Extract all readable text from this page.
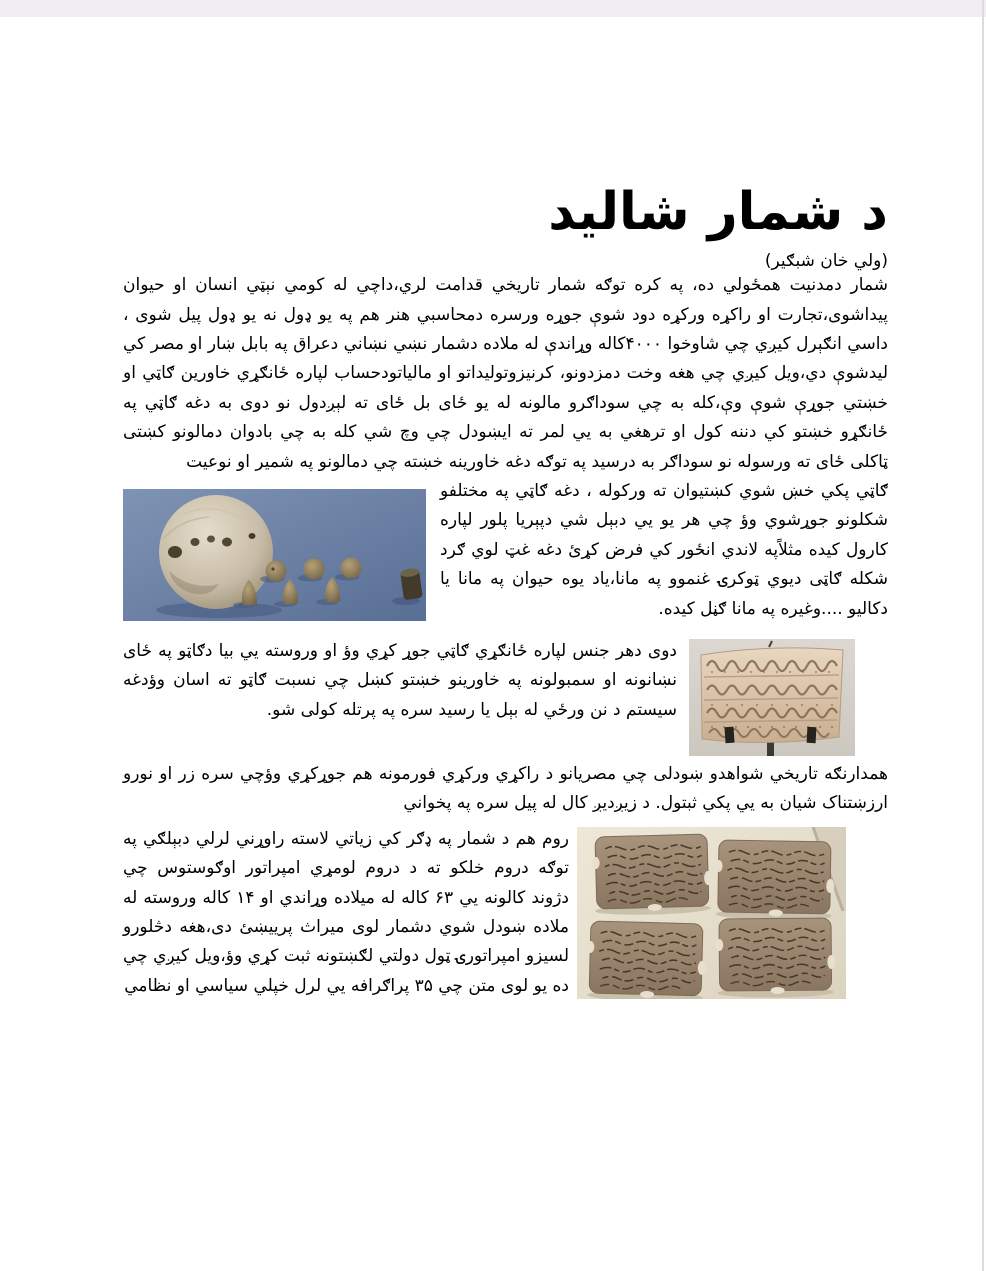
د شمار شالید
(ولي خان شبګير)

شمار دمدنیت همځولي ده، په کره توګه شمار تاریخي قدامت لري،داچي له کومي نېټي انسان او حیوان پیداشوی،تجارت او راکړه ورکړه دود شوې جوړه ورسره دمحاسبي هنر هم په یو ډول نه یو ډول پیل شوی ، داسي انګېرل کیږي چي شاوخوا ۴۰۰۰کاله وړاندې له ملاده دشمار نښي نښاني دعراق په بابل ښار او مصر کي لیدشوې دي،ویل کیږي چي هغه وخت دمزدونو، کرنیزوتولیداتو او مالیاتودحساب لپاره ځانګړي خاورین ګاټي او خښتي جوړې شوې وې،کله به چي سوداګرو مالونه له یو ځای بل ځای ته لېږدول نو دوی به دغه ګاټي په ځانګړو خښتو کي دننه کول او ترهغي به یي لمر ته ایښودل چي وچ شي کله به چي بادوان دمالونو کښتی ټاکلی ځای ته ورسوله نو سوداګر به درسید په توګه دغه خاورینه خښته چي دمالونو په شمیر او نوعیت

ګاټي پکي خښ شوي کښتیوان ته ورکوله ، دغه ګاټي په مختلفو شکلونو جوړشوي وؤ چي هر یو یي دبېل شي دپېریا پلور لپاره کارول کیده مثلاًپه لاندي انځور کي فرض کړئ دغه غټ لوي ګرد شکله ګاټی دیوي ټوکرۍ غنموو په مانا،یاد یوه حیوان په مانا یا دکالیو ....وغیره په مانا ګڼل کیده.

دوی دهر جنس لپاره ځانګړي ګاټي جوړ کړي وؤ او وروسته یي بیا دګاټو په ځای نښانونه او سمبولونه په خاورینو خښتو کښل چي نسبت ګاټو ته اسان وؤدغه سیستم د نن ورځي له بېل یا رسید سره په پرتله کولی شو.

همدارنګه تاریخي شواهدو ښودلی چي مصریانو د راکړي ورکړي فورمونه هم جوړکړي وؤچي سره زر او نورو ارزښتناک شیان به یي پکي ثبتول. د زیږدیږ کال له پیل سره په پخواني

روم هم د شمار په ډګر کي زیاتي لاسته راوړني لرلي دبېلګي په توګه دروم خلکو ته د دروم لومړي امپراتور اوګوستوس چي دژوند کالونه یي ۶۳ کاله له میلاده وړاندي او ۱۴ کاله وروسته له ملاده ښودل شوي دشمار لوی میراث پرییښئ دی،هغه دڅلورو لسیزو امپراتورۍ ټول دولتي لګښتونه ثبت کړي وؤ،ویل کیږي چي ده یو لوی متن چي ۳۵ پراګرافه یي لرل خپلي سیاسي او نظامي
